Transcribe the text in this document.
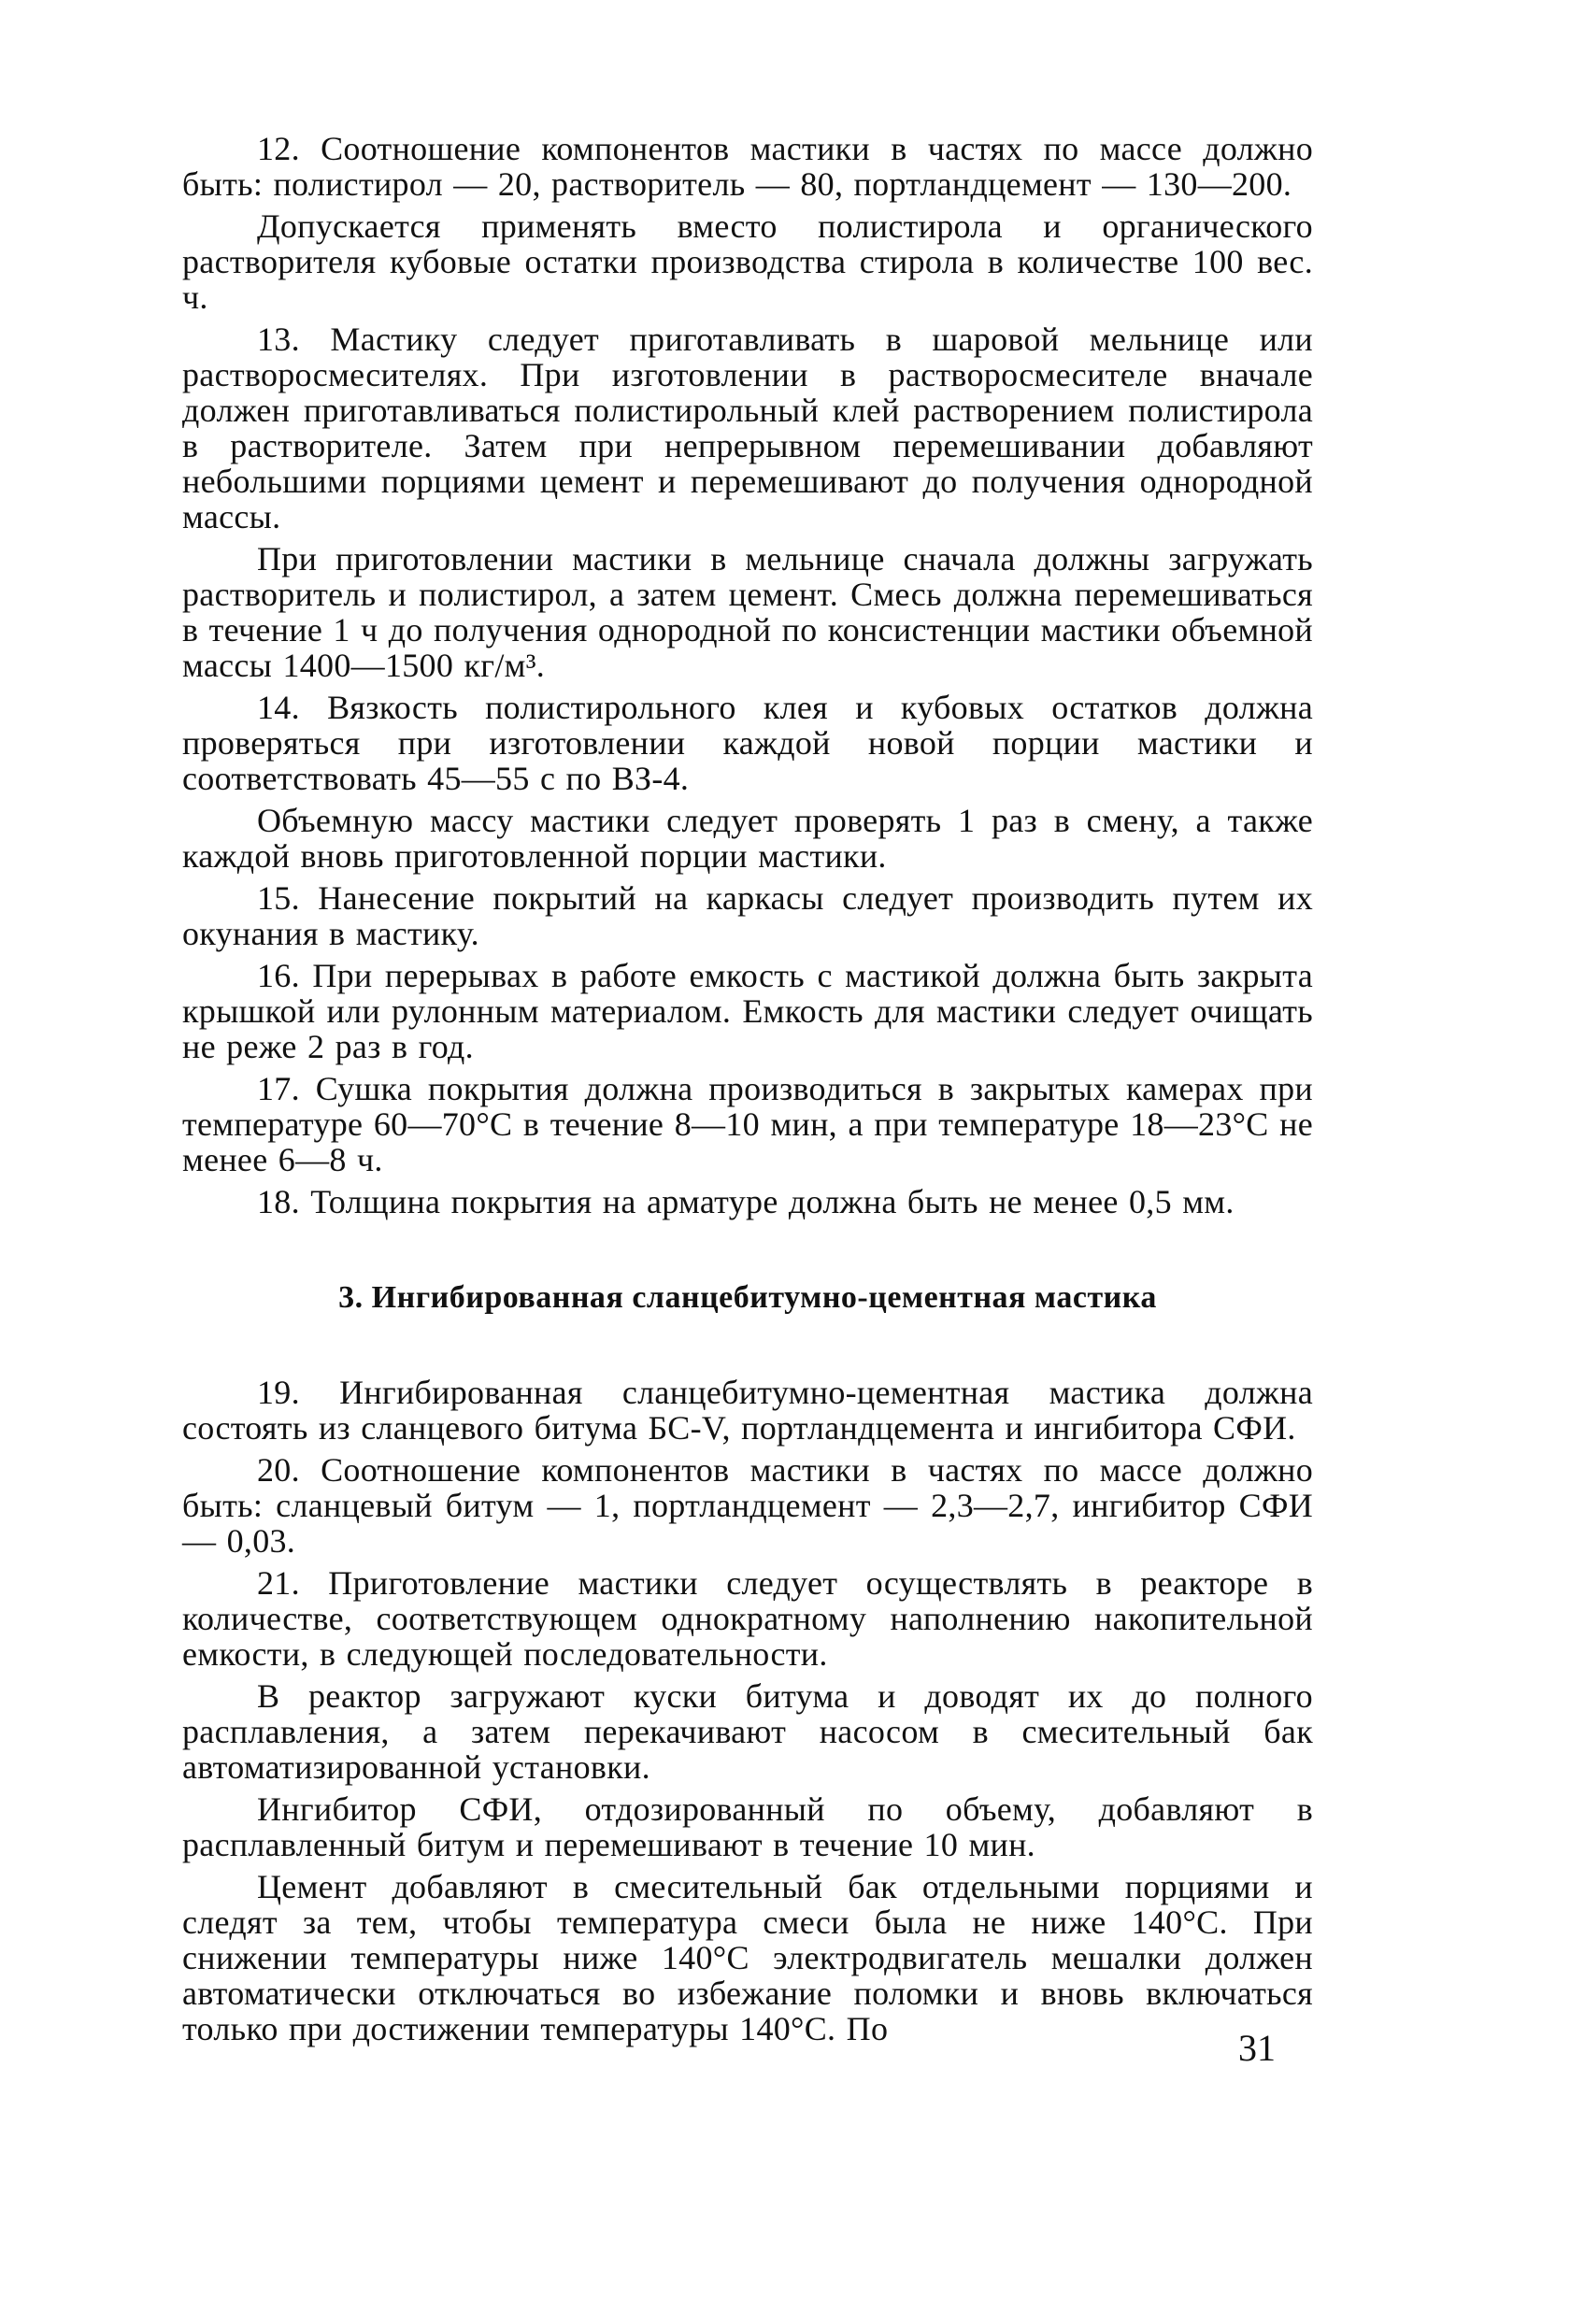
12. Соотношение компонентов мастики в частях по массе должно быть: полистирол — 20, растворитель — 80, портландцемент — 130—200.

Допускается применять вместо полистирола и органического растворителя кубовые остатки производства стирола в количестве 100 вес. ч.

13. Мастику следует приготавливать в шаровой мельнице или растворосмесителях. При изготовлении в растворосмесителе вначале должен приготавливаться полистирольный клей растворением полистирола в растворителе. Затем при непрерывном перемешивании добавляют небольшими порциями цемент и перемешивают до получения однородной массы.

При приготовлении мастики в мельнице сначала должны загружать растворитель и полистирол, а затем цемент. Смесь должна перемешиваться в течение 1 ч до получения однородной по консистенции мастики объемной массы 1400—1500 кг/м³.

14. Вязкость полистирольного клея и кубовых остатков должна проверяться при изготовлении каждой новой порции мастики и соответствовать 45—55 с по ВЗ-4.

Объемную массу мастики следует проверять 1 раз в смену, а также каждой вновь приготовленной порции мастики.

15. Нанесение покрытий на каркасы следует производить путем их окунания в мастику.

16. При перерывах в работе емкость с мастикой должна быть закрыта крышкой или рулонным материалом. Емкость для мастики следует очищать не реже 2 раз в год.

17. Сушка покрытия должна производиться в закрытых камерах при температуре 60—70°С в течение 8—10 мин, а при температуре 18—23°С не менее 6—8 ч.

18. Толщина покрытия на арматуре должна быть не менее 0,5 мм.

3. Ингибированная сланцебитумно-цементная мастика

19. Ингибированная сланцебитумно-цементная мастика должна состоять из сланцевого битума БС-V, портландцемента и ингибитора СФИ.

20. Соотношение компонентов мастики в частях по массе должно быть: сланцевый битум — 1, портландцемент — 2,3—2,7, ингибитор СФИ — 0,03.

21. Приготовление мастики следует осуществлять в реакторе в количестве, соответствующем однократному наполнению накопительной емкости, в следующей последовательности.

В реактор загружают куски битума и доводят их до полного расплавления, а затем перекачивают насосом в смесительный бак автоматизированной установки.

Ингибитор СФИ, отдозированный по объему, добавляют в расплавленный битум и перемешивают в течение 10 мин.

Цемент добавляют в смесительный бак отдельными порциями и следят за тем, чтобы температура смеси была не ниже 140°С. При снижении температуры ниже 140°С электродвигатель мешалки должен автоматически отключаться во избежание поломки и вновь включаться только при достижении температуры 140°С. По	31
